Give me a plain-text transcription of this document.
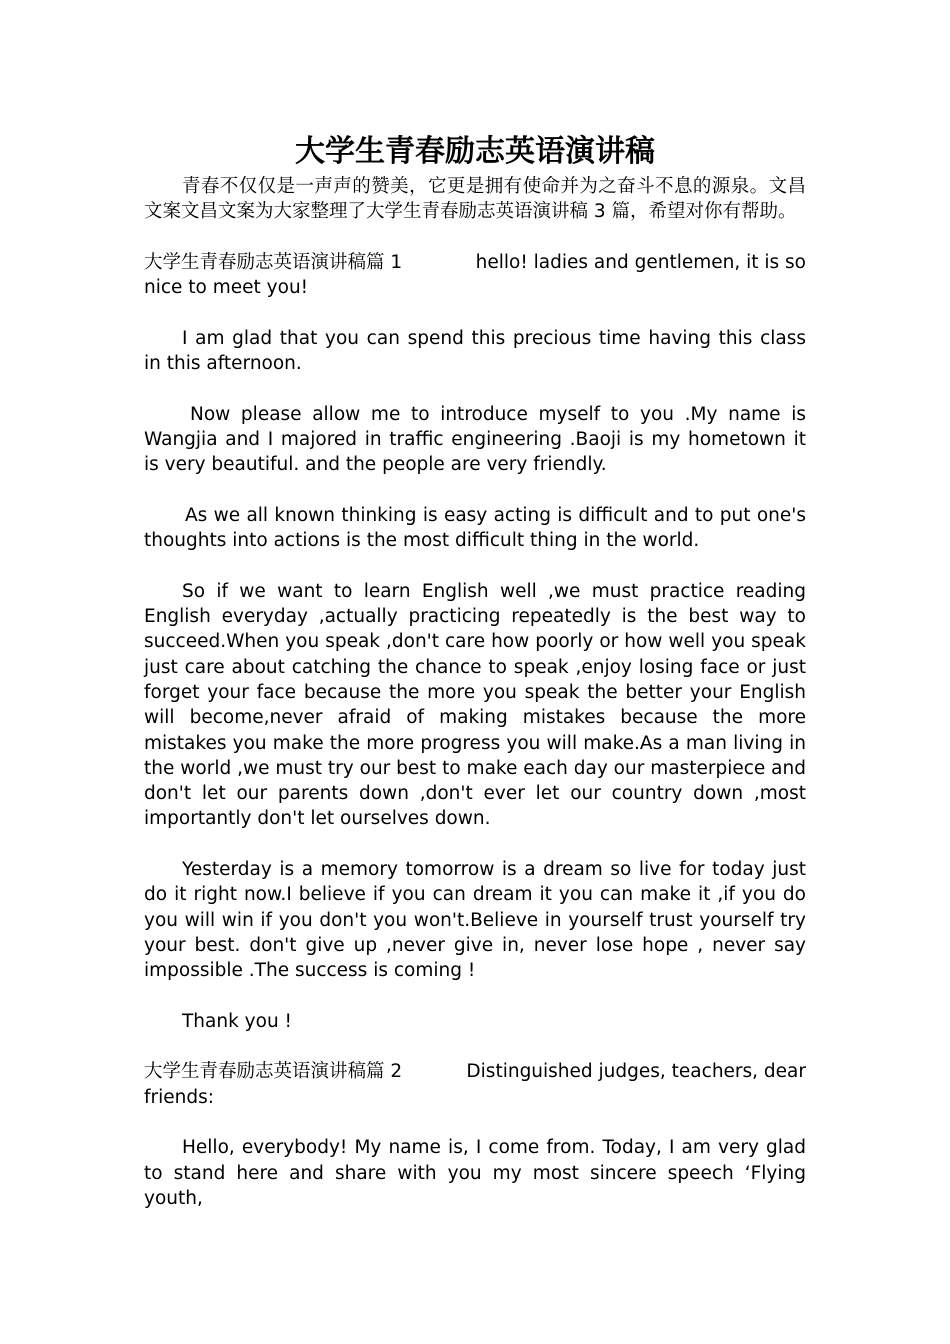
大学生青春励志英语演讲稿

青春不仅仅是一声声的赞美，它更是拥有使命并为之奋斗不息的源泉。文昌文案文昌文案为大家整理了大学生青春励志英语演讲稿 3 篇，希望对你有帮助。

大学生青春励志英语演讲稿篇 1	hello! ladies and gentlemen, it is so

nice to meet you!

I am glad that you can spend this precious time having this class in this afternoon.

Now please allow me to introduce myself to you .My name is Wangjia and I majored in traffic engineering .Baoji is my hometown it is very beautiful. and the people are very friendly.

As we all known thinking is easy acting is difficult and to put one's thoughts into actions is the most difficult thing in the world.

So if we want to learn English well ,we must practice reading English everyday ,actually practicing repeatedly is the best way to succeed.When you speak ,don't care how poorly or how well you speak just care about catching the chance to speak ,enjoy losing face or just forget your face because the more you speak the better your English will become,never afraid of making mistakes because the more mistakes you make the more progress you will make.As a man living in the world ,we must try our best to make each day our masterpiece and don't let our parents down ,don't ever let our country down ,most importantly don't let ourselves down.

Yesterday is a memory tomorrow is a dream so live for today just do it right now.I believe if you can dream it you can make it ,if you do you will win if you don't you won't.Believe in yourself trust yourself try your best. don't give up ,never give in, never lose hope , never say impossible .The success is coming !

Thank you !

大学生青春励志英语演讲稿篇 2	Distinguished judges, teachers, dear

friends:

Hello, everybody! My name is, I come from. Today, I am very glad to stand here and share with you my most sincere speech ‘Flying youth,
